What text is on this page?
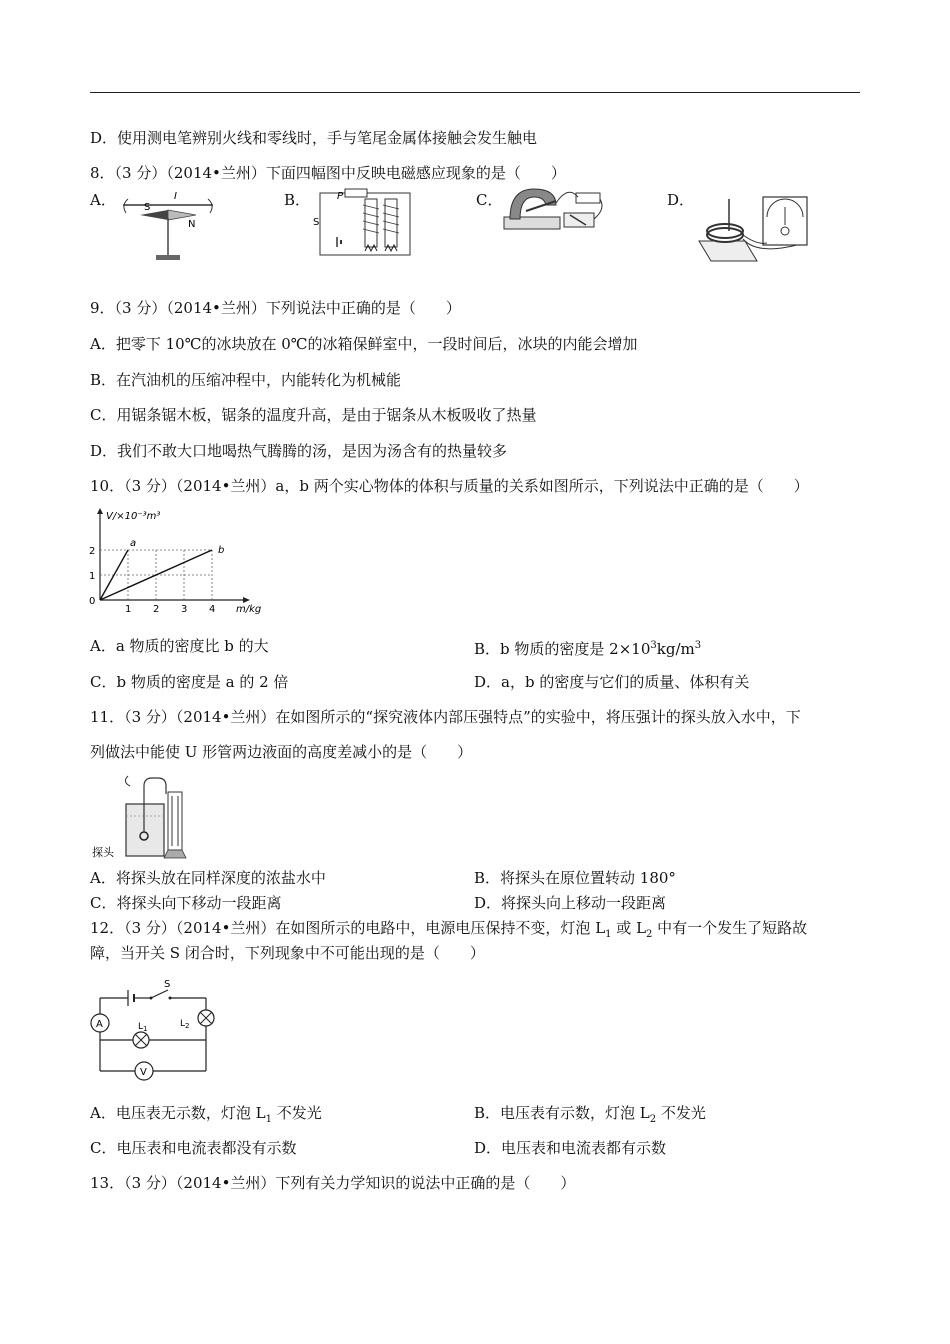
D．使用测电笔辨别火线和零线时，手与笔尾金属体接触会发生触电
8．（3 分）（2014•兰州）下面四幅图中反映电磁感应现象的是（　　）
A．	B．	C．	D．
I
S
N
P
S
9．（3 分）（2014•兰州）下列说法中正确的是（　　）
A．把零下 10℃的冰块放在 0℃的冰箱保鲜室中，一段时间后，冰块的内能会增加
B．在汽油机的压缩冲程中，内能转化为机械能
C．用锯条锯木板，锯条的温度升高，是由于锯条从木板吸收了热量
D．我们不敢大口地喝热气腾腾的汤，是因为汤含有的热量较多
10．（3 分）（2014•兰州）a，b 两个实心物体的体积与质量的关系如图所示，下列说法中正确的是（　　）
0
1 2 3 4
1
2
V/×10⁻³m³
m/kg
a
b
A．a 物质的密度比 b 的大	B．b 物质的密度是 $2\times 10^3kg/m^3$
C．b 物质的密度是 a 的 2 倍	D．a，b 的密度与它们的质量、体积有关
11．（3 分）（2014•兰州）在如图所示的“探究液体内部压强特点”的实验中，将压强计的探头放入水中，下
列做法中能使 U 形管两边液面的高度差减小的是（　　）
探头
A．将探头放在同样深度的浓盐水中	B．将探头在原位置转动 180°
C．将探头向下移动一段距离	D．将探头向上移动一段距离
12．（3 分）（2014•兰州）在如图所示的电路中，电源电压保持不变，灯泡 $L_1$ 或 $L_2$ 中有一个发生了短路故
障，当开关 S 闭合时，下列现象中不可能出现的是（　　）
S
A
V
$L_1$	$L_2$
A．电压表无示数，灯泡 $L_1$ 不发光	B．电压表有示数，灯泡 $L_2$ 不发光
C．电压表和电流表都没有示数	D．电压表和电流表都有示数
13．（3 分）（2014•兰州）下列有关力学知识的说法中正确的是（　　）
